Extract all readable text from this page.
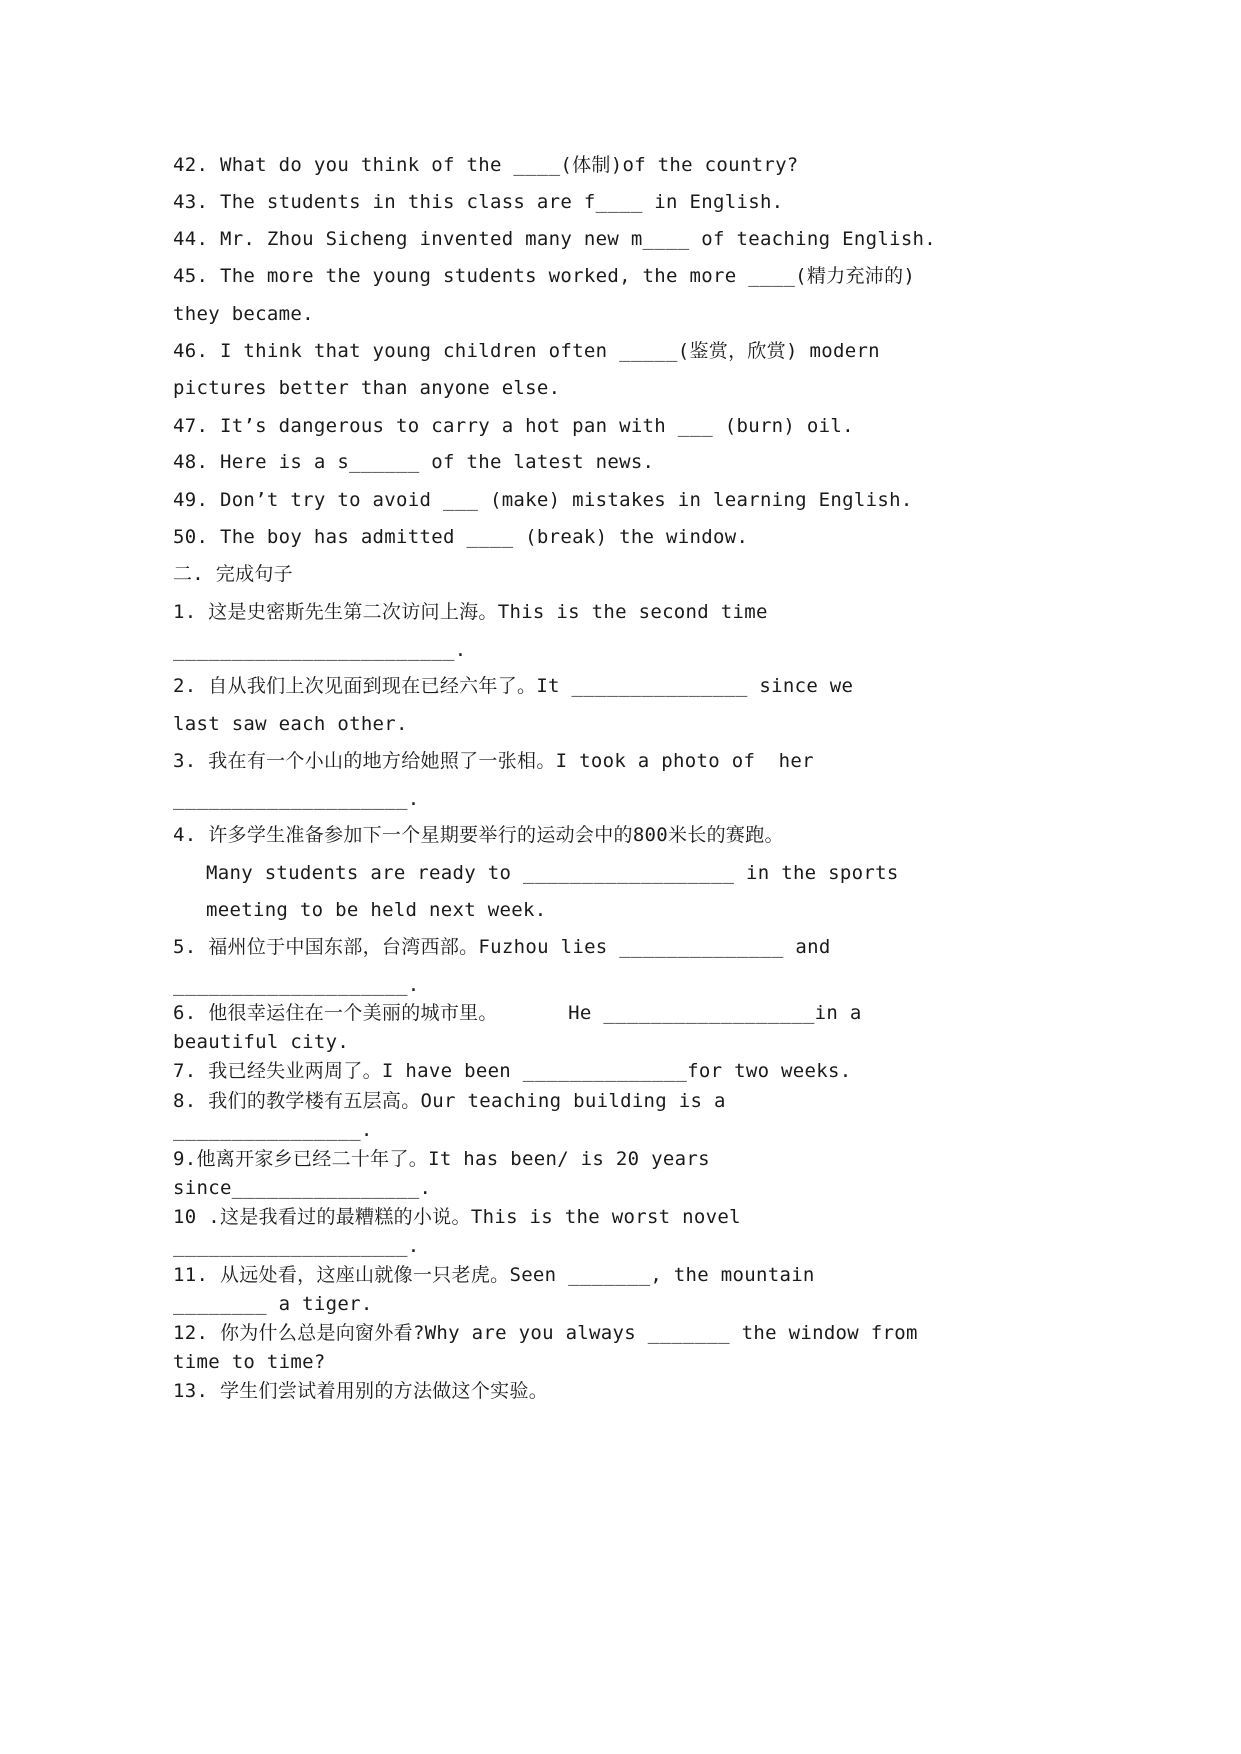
42. What do you think of the ____(体制)of the country?
43. The students in this class are f____ in English.
44. Mr. Zhou Sicheng invented many new m____ of teaching English.
45. The more the young students worked, the more ____(精力充沛的)
they became.
46. I think that young children often _____(鉴赏，欣赏) modern
pictures better than anyone else.
47. It’s dangerous to carry a hot pan with ___ (burn) oil.
48. Here is a s______ of the latest news.
49. Don’t try to avoid ___ (make) mistakes in learning English.
50. The boy has admitted ____ (break) the window.
二. 完成句子
1. 这是史密斯先生第二次访问上海。This is the second time
________________________.
2. 自从我们上次见面到现在已经六年了。It _______________ since we
last saw each other.
3. 我在有一个小山的地方给她照了一张相。I took a photo of  her
____________________.
4. 许多学生准备参加下一个星期要举行的运动会中的800米长的赛跑。
Many students are ready to __________________ in the sports
meeting to be held next week.
5. 福州位于中国东部，台湾西部。Fuzhou lies ______________ and
____________________.
6. 他很幸运住在一个美丽的城市里。      He __________________in a
beautiful city.
7. 我已经失业两周了。I have been ______________for two weeks.
8. 我们的教学楼有五层高。Our teaching building is a
________________.
9.他离开家乡已经二十年了。It has been/ is 20 years
since________________.
10 .这是我看过的最糟糕的小说。This is the worst novel
____________________.
11. 从远处看，这座山就像一只老虎。Seen _______, the mountain
________ a tiger.
12. 你为什么总是向窗外看?Why are you always _______ the window from
time to time?
13. 学生们尝试着用别的方法做这个实验。
